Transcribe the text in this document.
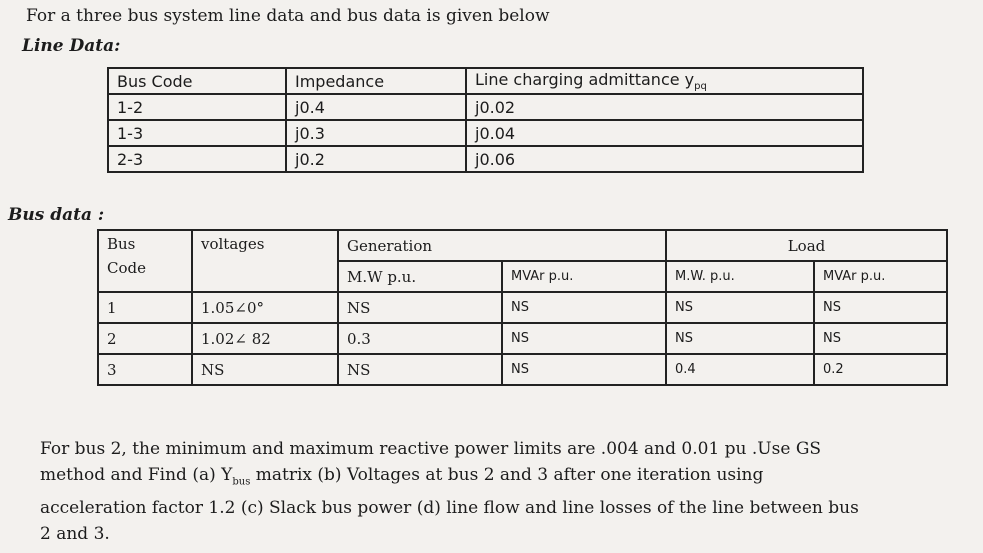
For a three bus system line data and bus data is given below
Line Data:
Bus Code	Impedance	Line charging admittance $y_{pq}$
1-2	j0.4	j0.02
1-3	j0.3	j0.04
2-3	j0.2	j0.06
Bus data :
Bus
Code	voltages	Generation		Load	
		M.W p.u.	MVAr p.u.	M.W. p.u.	MVAr p.u.
1	1.05∠0°	NS	NS	NS	NS
2	1.02∠ 82	0.3	NS	NS	NS
3	NS	NS	NS	0.4	0.2

For bus 2, the minimum and maximum reactive power limits are .004 and 0.01 pu .Use GS

method and Find (a) $Y_{bus}$ matrix (b) Voltages at bus 2 and 3 after one iteration using

acceleration factor 1.2 (c) Slack bus power (d) line flow and line losses of the line between bus

2 and 3.
